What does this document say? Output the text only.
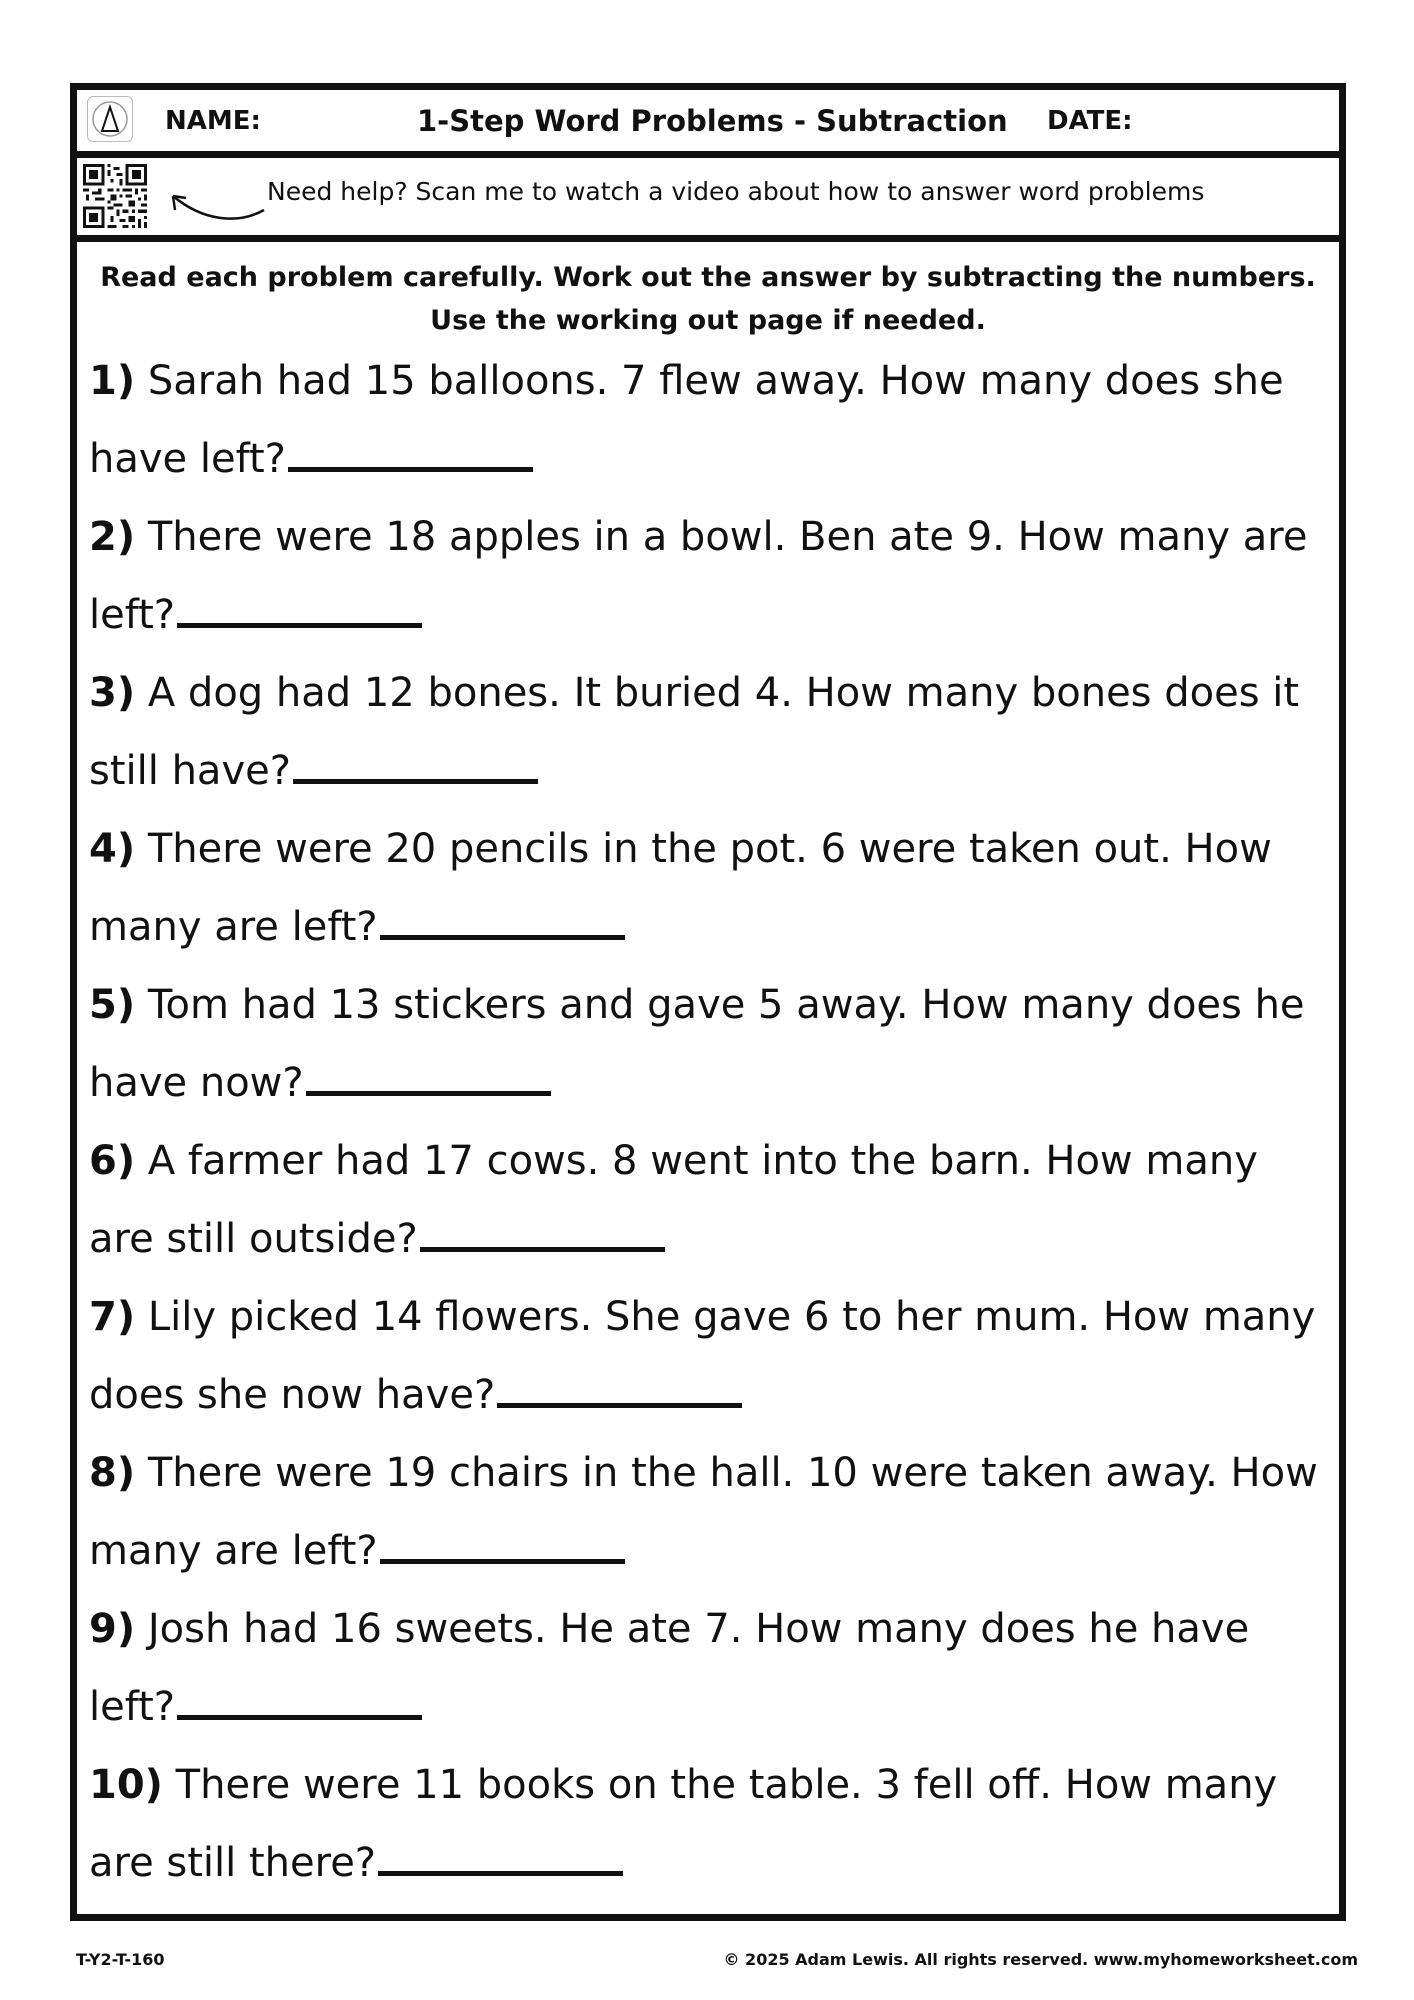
NAME:	1-Step Word Problems - Subtraction DATE:
Need help? Scan me to watch a video about how to answer word problems
Read each problem carefully. Work out the answer by subtracting the numbers.
Use the working out page if needed.

1) Sarah had 15 balloons. 7 flew away. How many does she have left?

2) There were 18 apples in a bowl. Ben ate 9. How many are left?

3) A dog had 12 bones. It buried 4. How many bones does it still have?

4) There were 20 pencils in the pot. 6 were taken out. How many are left?

5) Tom had 13 stickers and gave 5 away. How many does he have now?

6) A farmer had 17 cows. 8 went into the barn. How many are still outside?

7) Lily picked 14 flowers. She gave 6 to her mum. How many does she now have?

8) There were 19 chairs in the hall. 10 were taken away. How many are left?

9) Josh had 16 sweets. He ate 7. How many does he have left?

10) There were 11 books on the table. 3 fell off. How many are still there?

T-Y2-T-160	© 2025 Adam Lewis. All rights reserved. www.myhomeworksheet.com
